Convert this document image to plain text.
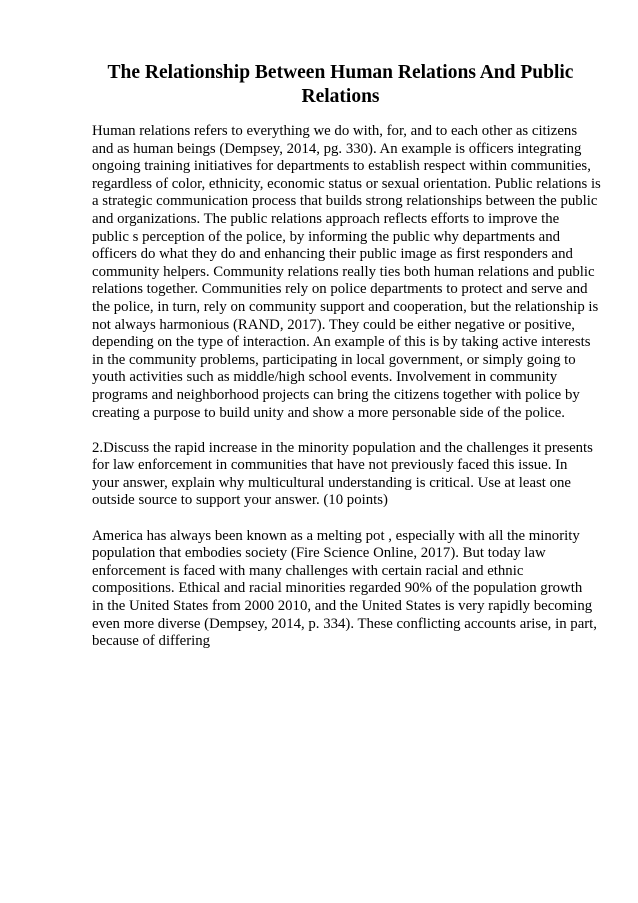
The Relationship Between Human Relations And Public Relations

Human relations refers to everything we do with, for, and to each other as citizens
and as human beings (Dempsey, 2014, pg. 330). An example is officers integrating
ongoing training initiatives for departments to establish respect within communities,
regardless of color, ethnicity, economic status or sexual orientation. Public relations is
a strategic communication process that builds strong relationships between the public
and organizations. The public relations approach reflects efforts to improve the
public s perception of the police, by informing the public why departments and
officers do what they do and enhancing their public image as first responders and
community helpers. Community relations really ties both human relations and public
relations together. Communities rely on police departments to protect and serve and
the police, in turn, rely on community support and cooperation, but the relationship is
not always harmonious (RAND, 2017). They could be either negative or positive,
depending on the type of interaction. An example of this is by taking active interests
in the community problems, participating in local government, or simply going to
youth activities such as middle/high school events. Involvement in community
programs and neighborhood projects can bring the citizens together with police by
creating a purpose to build unity and show a more personable side of the police.

2.Discuss the rapid increase in the minority population and the challenges it presents
for law enforcement in communities that have not previously faced this issue. In
your answer, explain why multicultural understanding is critical. Use at least one
outside source to support your answer. (10 points)

America has always been known as a melting pot , especially with all the minority
population that embodies society (Fire Science Online, 2017). But today law
enforcement is faced with many challenges with certain racial and ethnic
compositions. Ethical and racial minorities regarded 90% of the population growth
in the United States from 2000 2010, and the United States is very rapidly becoming
even more diverse (Dempsey, 2014, p. 334). These conflicting accounts arise, in part,
because of differing
